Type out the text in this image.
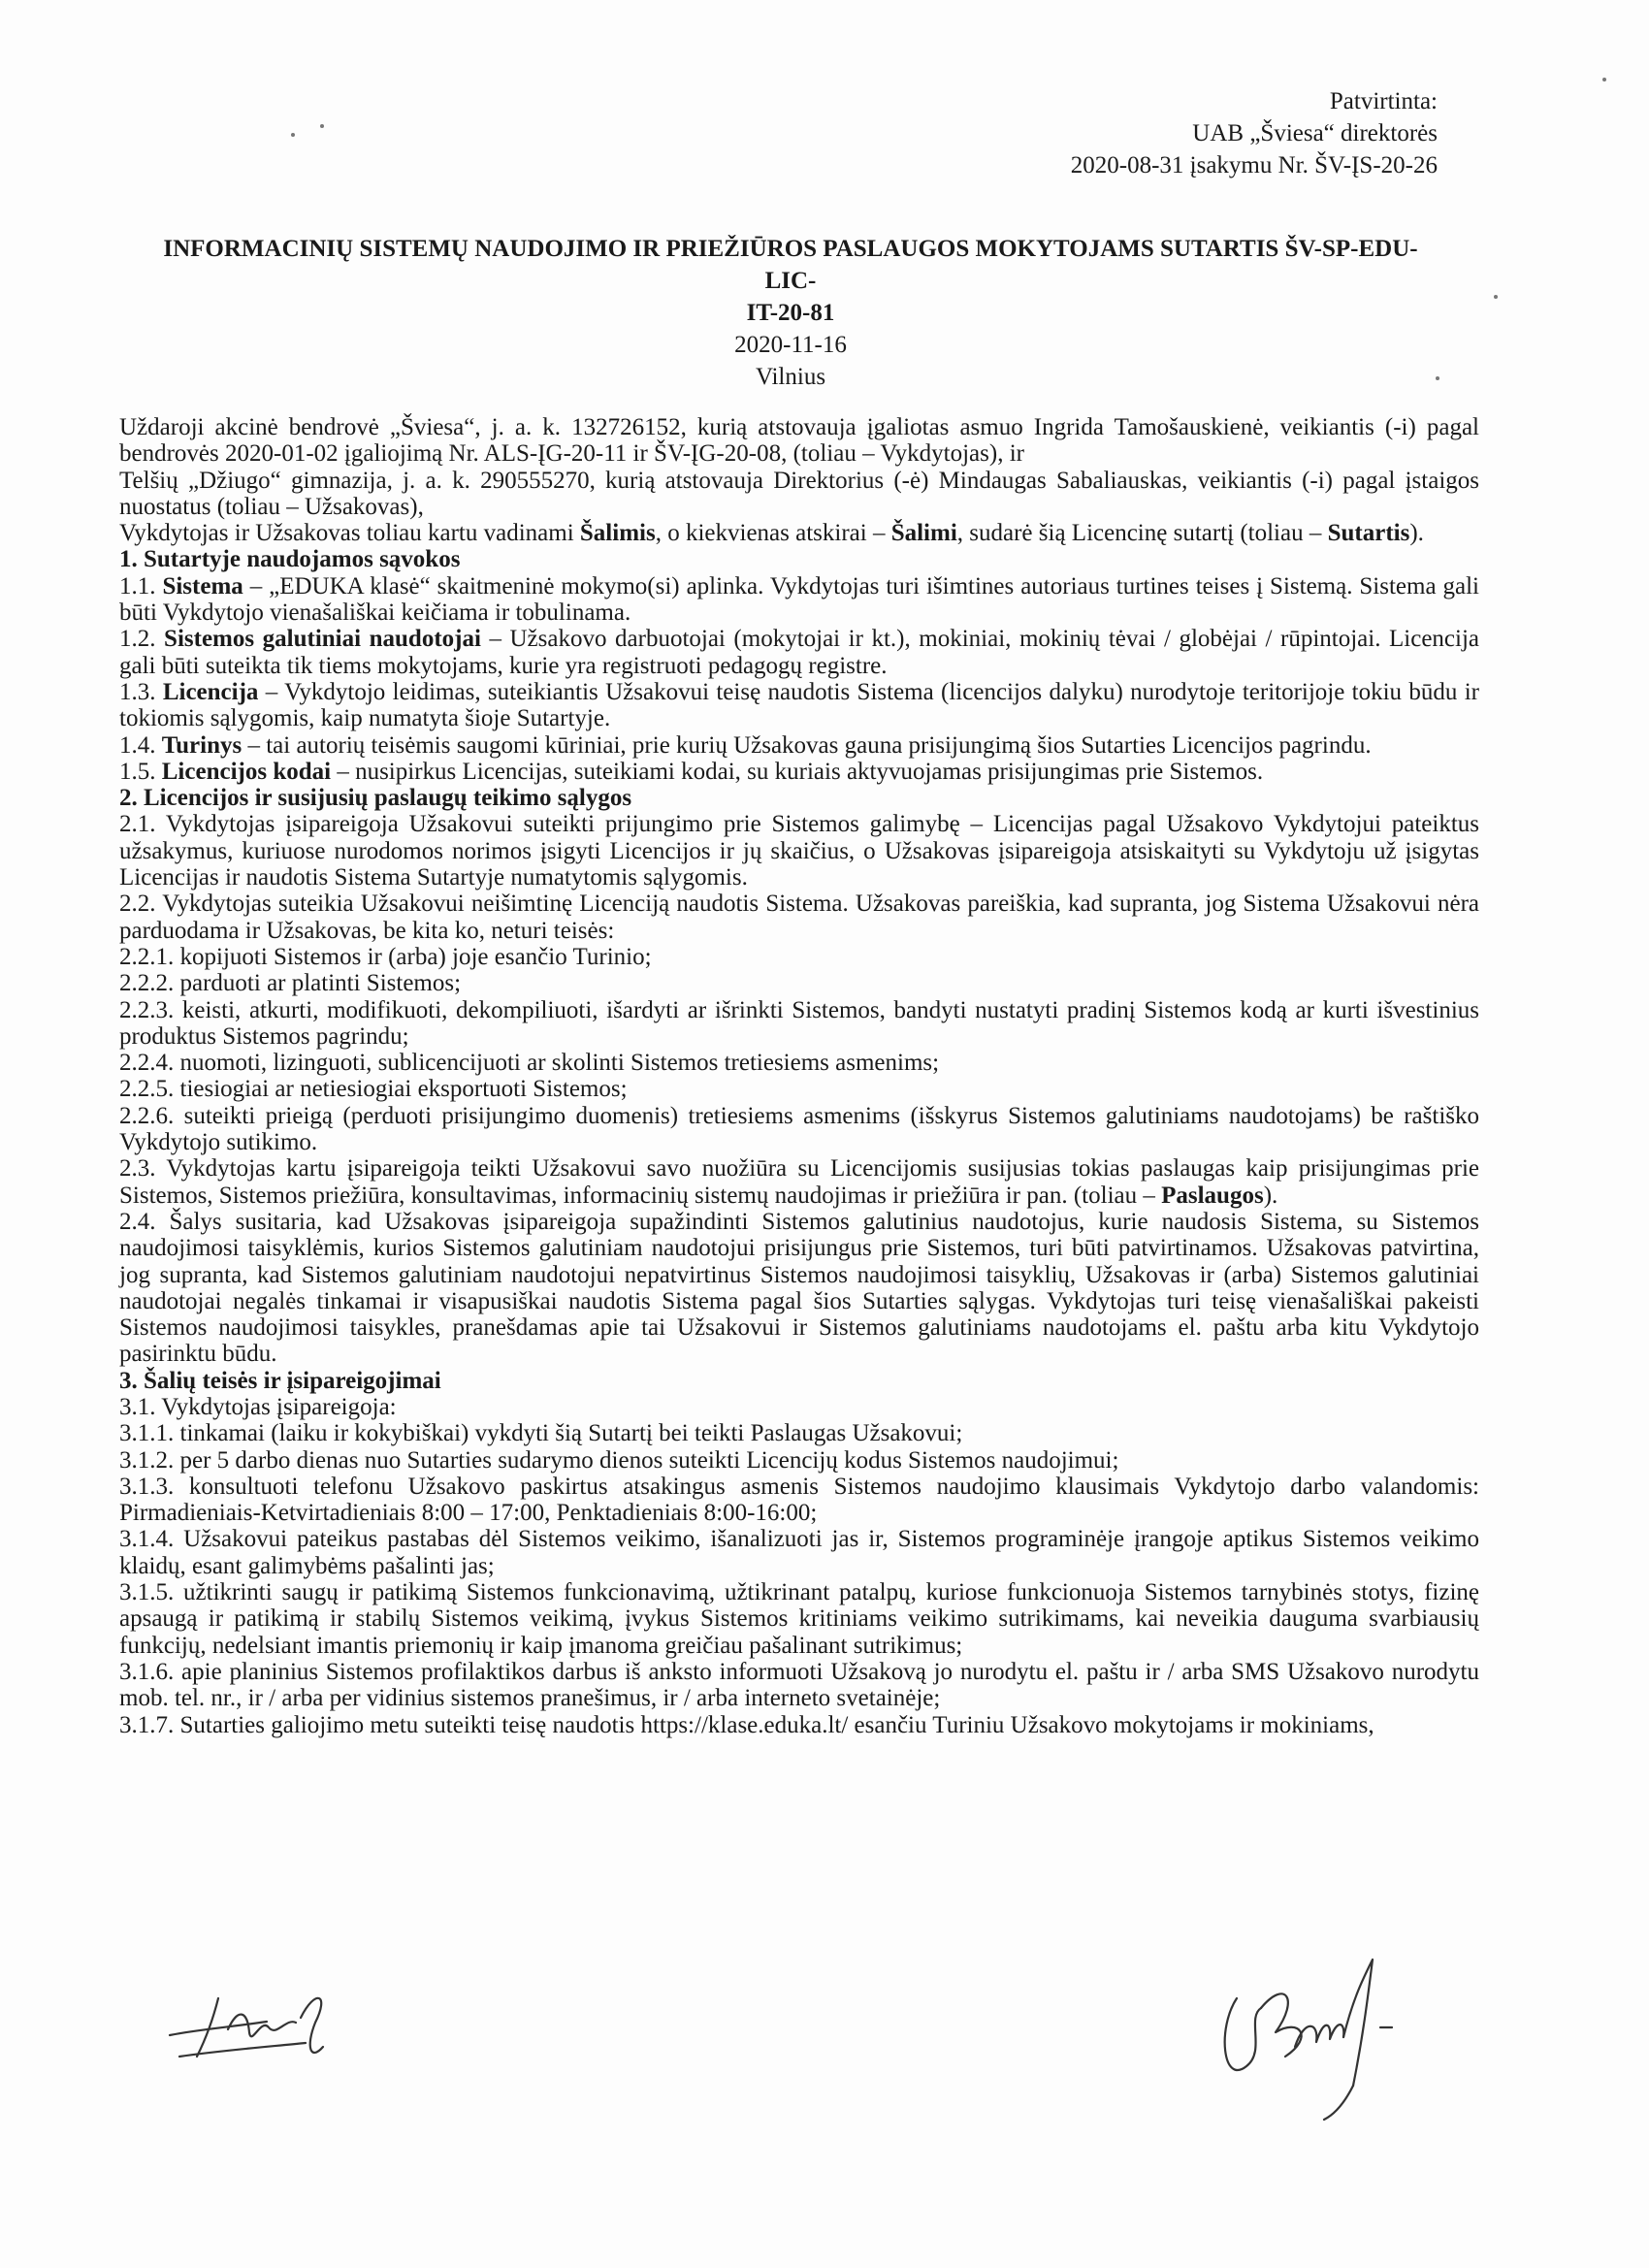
Patvirtinta:
UAB „Šviesa“ direktorės
2020-08-31 įsakymu Nr. ŠV-ĮS-20-26
INFORMACINIŲ SISTEMŲ NAUDOJIMO IR PRIEŽIŪROS PASLAUGOS MOKYTOJAMS SUTARTIS ŠV-SP-EDU-LIC-
IT-20-81
2020-11-16
Vilnius

Uždaroji akcinė bendrovė „Šviesa“, j. a. k. 132726152, kurią atstovauja įgaliotas asmuo Ingrida Tamošauskienė, veikiantis (-i) pagal bendrovės 2020-01-02 įgaliojimą Nr. ALS-ĮG-20-11 ir ŠV-ĮG-20-08, (toliau – Vykdytojas), ir

Telšių „Džiugo“ gimnazija, j. a. k. 290555270, kurią atstovauja Direktorius (-ė) Mindaugas Sabaliauskas, veikiantis (-i) pagal įstaigos nuostatus (toliau – Užsakovas),

Vykdytojas ir Užsakovas toliau kartu vadinami Šalimis, o kiekvienas atskirai – Šalimi, sudarė šią Licencinę sutartį (toliau – Sutartis).

1. Sutartyje naudojamos sąvokos

1.1. Sistema – „EDUKA klasė“ skaitmeninė mokymo(si) aplinka. Vykdytojas turi išimtines autoriaus turtines teises į Sistemą. Sistema gali būti Vykdytojo vienašališkai keičiama ir tobulinama.

1.2. Sistemos galutiniai naudotojai – Užsakovo darbuotojai (mokytojai ir kt.), mokiniai, mokinių tėvai / globėjai / rūpintojai. Licencija gali būti suteikta tik tiems mokytojams, kurie yra registruoti pedagogų registre.

1.3. Licencija – Vykdytojo leidimas, suteikiantis Užsakovui teisę naudotis Sistema (licencijos dalyku) nurodytoje teritorijoje tokiu būdu ir tokiomis sąlygomis, kaip numatyta šioje Sutartyje.

1.4. Turinys – tai autorių teisėmis saugomi kūriniai, prie kurių Užsakovas gauna prisijungimą šios Sutarties Licencijos pagrindu.

1.5. Licencijos kodai – nusipirkus Licencijas, suteikiami kodai, su kuriais aktyvuojamas prisijungimas prie Sistemos.

2. Licencijos ir susijusių paslaugų teikimo sąlygos

2.1. Vykdytojas įsipareigoja Užsakovui suteikti prijungimo prie Sistemos galimybę – Licencijas pagal Užsakovo Vykdytojui pateiktus užsakymus, kuriuose nurodomos norimos įsigyti Licencijos ir jų skaičius, o Užsakovas įsipareigoja atsiskaityti su Vykdytoju už įsigytas Licencijas ir naudotis Sistema Sutartyje numatytomis sąlygomis.

2.2. Vykdytojas suteikia Užsakovui neišimtinę Licenciją naudotis Sistema. Užsakovas pareiškia, kad supranta, jog Sistema Užsakovui nėra parduodama ir Užsakovas, be kita ko, neturi teisės:

2.2.1. kopijuoti Sistemos ir (arba) joje esančio Turinio;

2.2.2. parduoti ar platinti Sistemos;

2.2.3. keisti, atkurti, modifikuoti, dekompiliuoti, išardyti ar išrinkti Sistemos, bandyti nustatyti pradinį Sistemos kodą ar kurti išvestinius produktus Sistemos pagrindu;

2.2.4. nuomoti, lizinguoti, sublicencijuoti ar skolinti Sistemos tretiesiems asmenims;

2.2.5. tiesiogiai ar netiesiogiai eksportuoti Sistemos;

2.2.6. suteikti prieigą (perduoti prisijungimo duomenis) tretiesiems asmenims (išskyrus Sistemos galutiniams naudotojams) be raštiško Vykdytojo sutikimo.

2.3. Vykdytojas kartu įsipareigoja teikti Užsakovui savo nuožiūra su Licencijomis susijusias tokias paslaugas kaip prisijungimas prie Sistemos, Sistemos priežiūra, konsultavimas, informacinių sistemų naudojimas ir priežiūra ir pan. (toliau – Paslaugos).

2.4. Šalys susitaria, kad Užsakovas įsipareigoja supažindinti Sistemos galutinius naudotojus, kurie naudosis Sistema, su Sistemos naudojimosi taisyklėmis, kurios Sistemos galutiniam naudotojui prisijungus prie Sistemos, turi būti patvirtinamos. Užsakovas patvirtina, jog supranta, kad Sistemos galutiniam naudotojui nepatvirtinus Sistemos naudojimosi taisyklių, Užsakovas ir (arba) Sistemos galutiniai naudotojai negalės tinkamai ir visapusiškai naudotis Sistema pagal šios Sutarties sąlygas. Vykdytojas turi teisę vienašališkai pakeisti Sistemos naudojimosi taisykles, pranešdamas apie tai Užsakovui ir Sistemos galutiniams naudotojams el. paštu arba kitu Vykdytojo pasirinktu būdu.

3. Šalių teisės ir įsipareigojimai

3.1. Vykdytojas įsipareigoja:

3.1.1. tinkamai (laiku ir kokybiškai) vykdyti šią Sutartį bei teikti Paslaugas Užsakovui;

3.1.2. per 5 darbo dienas nuo Sutarties sudarymo dienos suteikti Licencijų kodus Sistemos naudojimui;

3.1.3. konsultuoti telefonu Užsakovo paskirtus atsakingus asmenis Sistemos naudojimo klausimais Vykdytojo darbo valandomis: Pirmadieniais-Ketvirtadieniais 8:00 – 17:00, Penktadieniais 8:00-16:00;

3.1.4. Užsakovui pateikus pastabas dėl Sistemos veikimo, išanalizuoti jas ir, Sistemos programinėje įrangoje aptikus Sistemos veikimo klaidų, esant galimybėms pašalinti jas;

3.1.5. užtikrinti saugų ir patikimą Sistemos funkcionavimą, užtikrinant patalpų, kuriose funkcionuoja Sistemos tarnybinės stotys, fizinę apsaugą ir patikimą ir stabilų Sistemos veikimą, įvykus Sistemos kritiniams veikimo sutrikimams, kai neveikia dauguma svarbiausių funkcijų, nedelsiant imantis priemonių ir kaip įmanoma greičiau pašalinant sutrikimus;

3.1.6. apie planinius Sistemos profilaktikos darbus iš anksto informuoti Užsakovą jo nurodytu el. paštu ir / arba SMS Užsakovo nurodytu mob. tel. nr., ir / arba per vidinius sistemos pranešimus, ir / arba interneto svetainėje;

3.1.7. Sutarties galiojimo metu suteikti teisę naudotis https://klase.eduka.lt/ esančiu Turiniu Užsakovo mokytojams ir mokiniams,
